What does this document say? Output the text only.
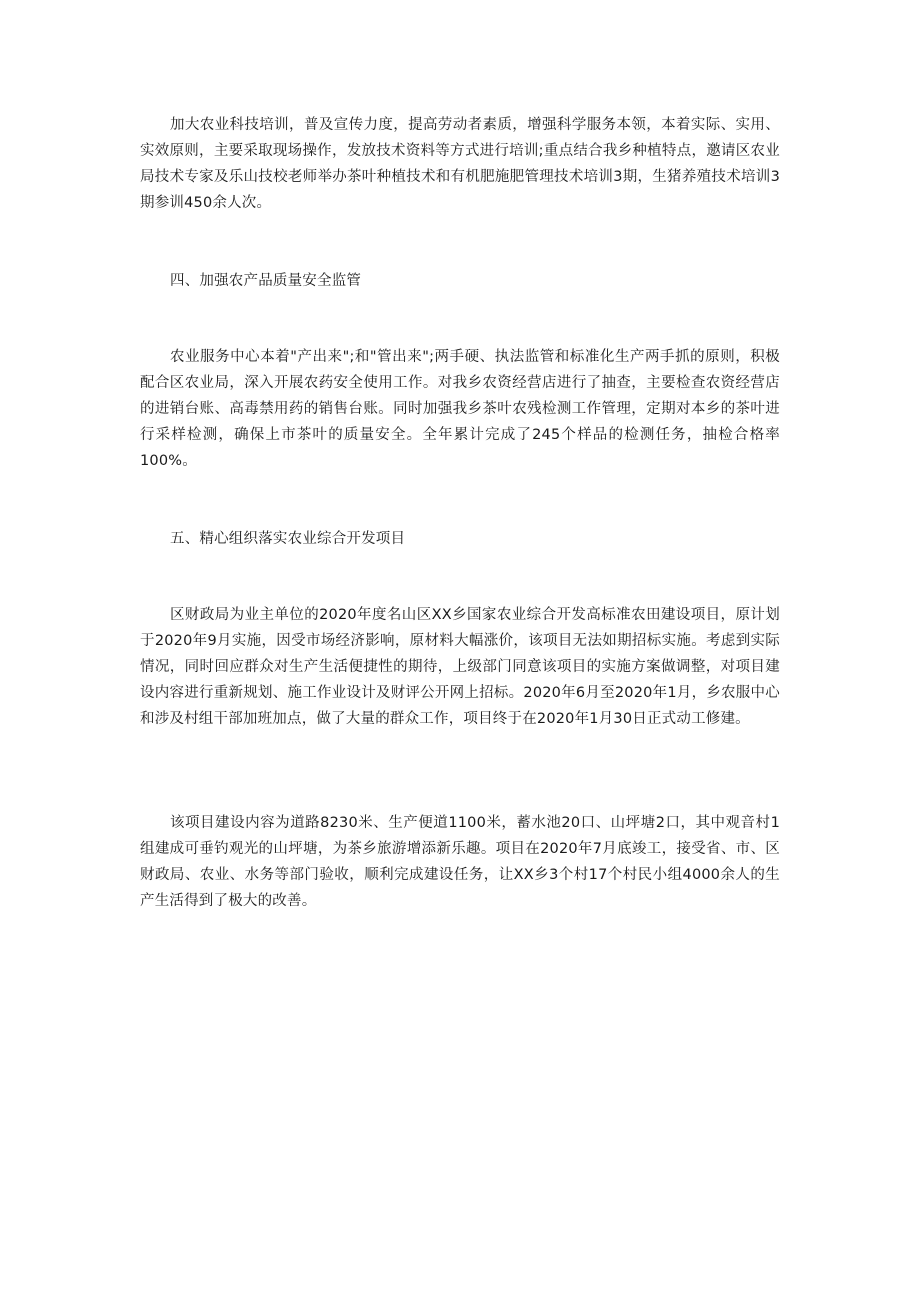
加大农业科技培训，普及宣传力度，提高劳动者素质，增强科学服务本领，本着实际、实用、实效原则，主要采取现场操作，发放技术资料等方式进行培训;重点结合我乡种植特点，邀请区农业局技术专家及乐山技校老师举办茶叶种植技术和有机肥施肥管理技术培训3期，生猪养殖技术培训3期参训450余人次。

四、加强农产品质量安全监管

农业服务中心本着"产出来";和"管出来";两手硬、执法监管和标准化生产两手抓的原则，积极配合区农业局，深入开展农药安全使用工作。对我乡农资经营店进行了抽查，主要检查农资经营店的进销台账、高毒禁用药的销售台账。同时加强我乡茶叶农残检测工作管理，定期对本乡的茶叶进行采样检测，确保上市茶叶的质量安全。全年累计完成了245个样品的检测任务，抽检合格率100%。

五、精心组织落实农业综合开发项目

区财政局为业主单位的2020年度名山区XX乡国家农业综合开发高标准农田建设项目，原计划于2020年9月实施，因受市场经济影响，原材料大幅涨价，该项目无法如期招标实施。考虑到实际情况，同时回应群众对生产生活便捷性的期待，上级部门同意该项目的实施方案做调整，对项目建设内容进行重新规划、施工作业设计及财评公开网上招标。2020年6月至2020年1月，乡农服中心和涉及村组干部加班加点，做了大量的群众工作，项目终于在2020年1月30日正式动工修建。

该项目建设内容为道路8230米、生产便道1100米，蓄水池20口、山坪塘2口，其中观音村1组建成可垂钓观光的山坪塘，为茶乡旅游增添新乐趣。项目在2020年7月底竣工，接受省、市、区财政局、农业、水务等部门验收，顺利完成建设任务，让XX乡3个村17个村民小组4000余人的生产生活得到了极大的改善。
